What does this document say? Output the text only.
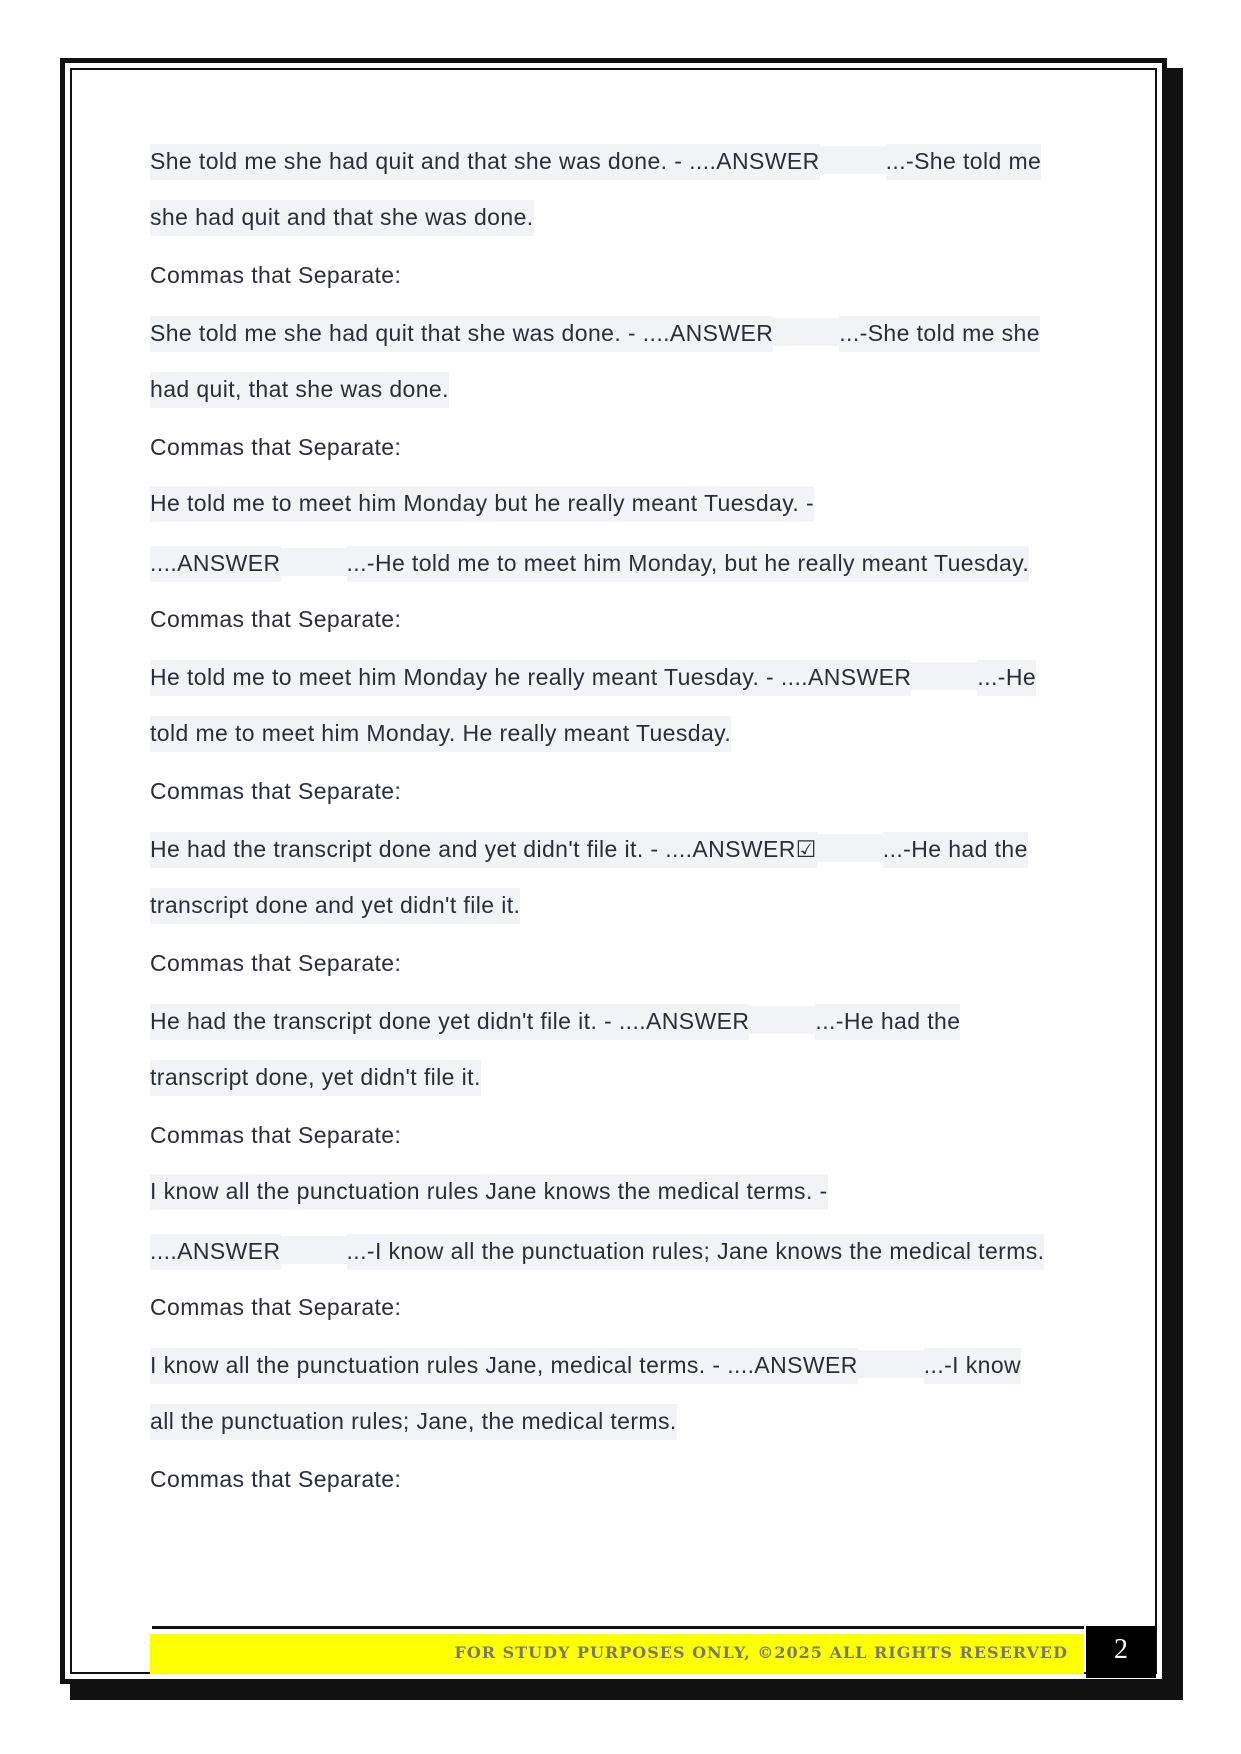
She told me she had quit and that she was done. - ....ANSWER	...-She told me
she had quit and that she was done.
Commas that Separate:
She told me she had quit that she was done. - ....ANSWER	...-She told me she
had quit, that she was done.
Commas that Separate:
He told me to meet him Monday but he really meant Tuesday. -
....ANSWER	...-He told me to meet him Monday, but he really meant Tuesday.
Commas that Separate:
He told me to meet him Monday he really meant Tuesday. - ....ANSWER	...-He
told me to meet him Monday. He really meant Tuesday.
Commas that Separate:
He had the transcript done and yet didn't file it. - ....ANSWER☑	...-He had the
transcript done and yet didn't file it.
Commas that Separate:
He had the transcript done yet didn't file it. - ....ANSWER	...-He had the
transcript done, yet didn't file it.
Commas that Separate:
I know all the punctuation rules Jane knows the medical terms. -
....ANSWER	...-I know all the punctuation rules; Jane knows the medical terms.
Commas that Separate:
I know all the punctuation rules Jane, medical terms. - ....ANSWER	...-I know
all the punctuation rules; Jane, the medical terms.
Commas that Separate:
FOR STUDY PURPOSES ONLY, ©2025 ALL RIGHTS RESERVED	2
